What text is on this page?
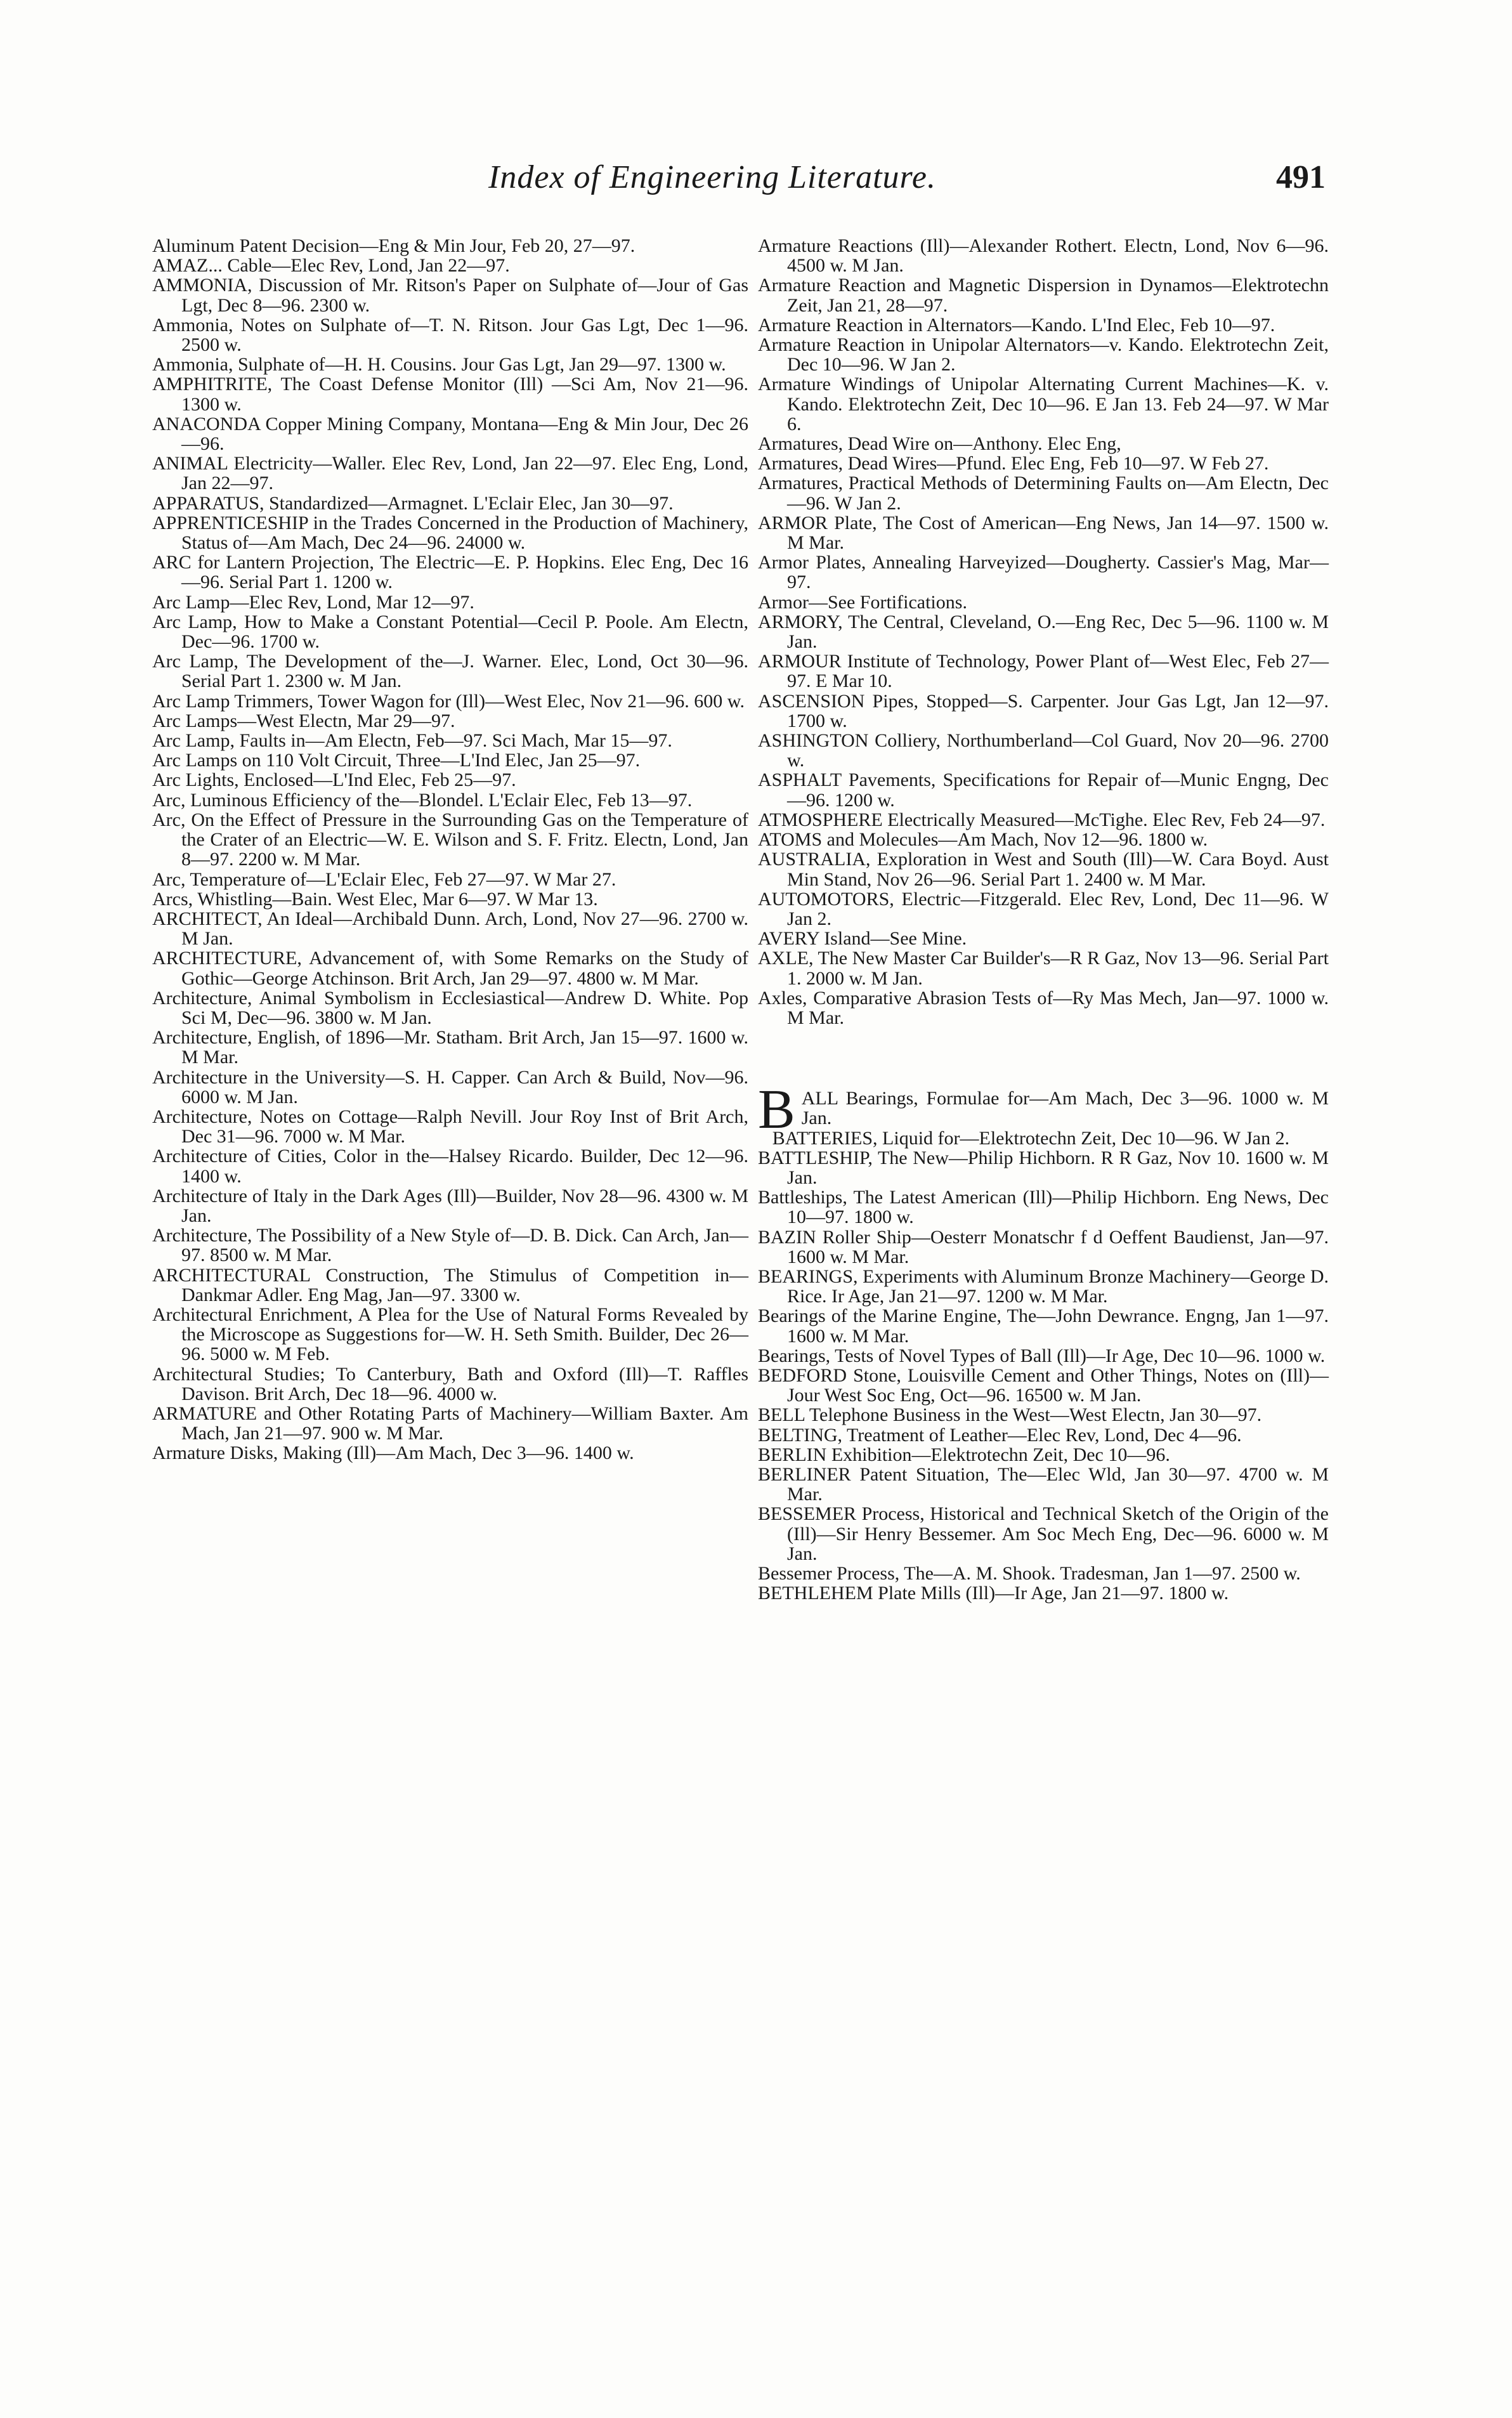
Index of Engineering Literature.	491

Aluminum Patent Decision—Eng & Min Jour, Feb 20, 27—97.

AMAZ... Cable—Elec Rev, Lond, Jan 22—97.

AMMONIA, Discussion of Mr. Ritson's Paper on Sulphate of—Jour of Gas Lgt, Dec 8—96. 2300 w.

Ammonia, Notes on Sulphate of—T. N. Ritson. Jour Gas Lgt, Dec 1—96. 2500 w.

Ammonia, Sulphate of—H. H. Cousins. Jour Gas Lgt, Jan 29—97. 1300 w.

AMPHITRITE, The Coast Defense Monitor (Ill) —Sci Am, Nov 21—96. 1300 w.

ANACONDA Copper Mining Company, Montana—Eng & Min Jour, Dec 26—96.

ANIMAL Electricity—Waller. Elec Rev, Lond, Jan 22—97. Elec Eng, Lond, Jan 22—97.

APPARATUS, Standardized—Armagnet. L'Eclair Elec, Jan 30—97.

APPRENTICESHIP in the Trades Concerned in the Production of Machinery, Status of—Am Mach, Dec 24—96. 24000 w.

ARC for Lantern Projection, The Electric—E. P. Hopkins. Elec Eng, Dec 16—96. Serial Part 1. 1200 w.

Arc Lamp—Elec Rev, Lond, Mar 12—97.

Arc Lamp, How to Make a Constant Potential—Cecil P. Poole. Am Electn, Dec—96. 1700 w.

Arc Lamp, The Development of the—J. Warner. Elec, Lond, Oct 30—96. Serial Part 1. 2300 w. M Jan.

Arc Lamp Trimmers, Tower Wagon for (Ill)—West Elec, Nov 21—96. 600 w.

Arc Lamps—West Electn, Mar 29—97.

Arc Lamp, Faults in—Am Electn, Feb—97. Sci Mach, Mar 15—97.

Arc Lamps on 110 Volt Circuit, Three—L'Ind Elec, Jan 25—97.

Arc Lights, Enclosed—L'Ind Elec, Feb 25—97.

Arc, Luminous Efficiency of the—Blondel. L'Eclair Elec, Feb 13—97.

Arc, On the Effect of Pressure in the Surrounding Gas on the Temperature of the Crater of an Electric—W. E. Wilson and S. F. Fritz. Electn, Lond, Jan 8—97. 2200 w. M Mar.

Arc, Temperature of—L'Eclair Elec, Feb 27—97. W Mar 27.

Arcs, Whistling—Bain. West Elec, Mar 6—97. W Mar 13.

ARCHITECT, An Ideal—Archibald Dunn. Arch, Lond, Nov 27—96. 2700 w. M Jan.

ARCHITECTURE, Advancement of, with Some Remarks on the Study of Gothic—George Atchinson. Brit Arch, Jan 29—97. 4800 w. M Mar.

Architecture, Animal Symbolism in Ecclesiastical—Andrew D. White. Pop Sci M, Dec—96. 3800 w. M Jan.

Architecture, English, of 1896—Mr. Statham. Brit Arch, Jan 15—97. 1600 w. M Mar.

Architecture in the University—S. H. Capper. Can Arch & Build, Nov—96. 6000 w. M Jan.

Architecture, Notes on Cottage—Ralph Nevill. Jour Roy Inst of Brit Arch, Dec 31—96. 7000 w. M Mar.

Architecture of Cities, Color in the—Halsey Ricardo. Builder, Dec 12—96. 1400 w.

Architecture of Italy in the Dark Ages (Ill)—Builder, Nov 28—96. 4300 w. M Jan.

Architecture, The Possibility of a New Style of—D. B. Dick. Can Arch, Jan—97. 8500 w. M Mar.

ARCHITECTURAL Construction, The Stimulus of Competition in—Dankmar Adler. Eng Mag, Jan—97. 3300 w.

Architectural Enrichment, A Plea for the Use of Natural Forms Revealed by the Microscope as Suggestions for—W. H. Seth Smith. Builder, Dec 26—96. 5000 w. M Feb.

Architectural Studies; To Canterbury, Bath and Oxford (Ill)—T. Raffles Davison. Brit Arch, Dec 18—96. 4000 w.

ARMATURE and Other Rotating Parts of Machinery—William Baxter. Am Mach, Jan 21—97. 900 w. M Mar.

Armature Disks, Making (Ill)—Am Mach, Dec 3—96. 1400 w.

Armature Reactions (Ill)—Alexander Rothert. Electn, Lond, Nov 6—96. 4500 w. M Jan.

Armature Reaction and Magnetic Dispersion in Dynamos—Elektrotechn Zeit, Jan 21, 28—97.

Armature Reaction in Alternators—Kando. L'Ind Elec, Feb 10—97.

Armature Reaction in Unipolar Alternators—v. Kando. Elektrotechn Zeit, Dec 10—96. W Jan 2.

Armature Windings of Unipolar Alternating Current Machines—K. v. Kando. Elektrotechn Zeit, Dec 10—96. E Jan 13. Feb 24—97. W Mar 6.

Armatures, Dead Wire on—Anthony. Elec Eng,

Armatures, Dead Wires—Pfund. Elec Eng, Feb 10—97. W Feb 27.

Armatures, Practical Methods of Determining Faults on—Am Electn, Dec—96. W Jan 2.

ARMOR Plate, The Cost of American—Eng News, Jan 14—97. 1500 w. M Mar.

Armor Plates, Annealing Harveyized—Dougherty. Cassier's Mag, Mar—97.

Armor—See Fortifications.

ARMORY, The Central, Cleveland, O.—Eng Rec, Dec 5—96. 1100 w. M Jan.

ARMOUR Institute of Technology, Power Plant of—West Elec, Feb 27—97. E Mar 10.

ASCENSION Pipes, Stopped—S. Carpenter. Jour Gas Lgt, Jan 12—97. 1700 w.

ASHINGTON Colliery, Northumberland—Col Guard, Nov 20—96. 2700 w.

ASPHALT Pavements, Specifications for Repair of—Munic Engng, Dec—96. 1200 w.

ATMOSPHERE Electrically Measured—McTighe. Elec Rev, Feb 24—97.

ATOMS and Molecules—Am Mach, Nov 12—96. 1800 w.

AUSTRALIA, Exploration in West and South (Ill)—W. Cara Boyd. Aust Min Stand, Nov 26—96. Serial Part 1. 2400 w. M Mar.

AUTOMOTORS, Electric—Fitzgerald. Elec Rev, Lond, Dec 11—96. W Jan 2.

AVERY Island—See Mine.

AXLE, The New Master Car Builder's—R R Gaz, Nov 13—96. Serial Part 1. 2000 w. M Jan.

Axles, Comparative Abrasion Tests of—Ry Mas Mech, Jan—97. 1000 w. M Mar.

BALL Bearings, Formulae for—Am Mach, Dec 3—96. 1000 w. M Jan.

BATTERIES, Liquid for—Elektrotechn Zeit, Dec 10—96. W Jan 2.

BATTLESHIP, The New—Philip Hichborn. R R Gaz, Nov 10. 1600 w. M Jan.

Battleships, The Latest American (Ill)—Philip Hichborn. Eng News, Dec 10—97. 1800 w.

BAZIN Roller Ship—Oesterr Monatschr f d Oeffent Baudienst, Jan—97. 1600 w. M Mar.

BEARINGS, Experiments with Aluminum Bronze Machinery—George D. Rice. Ir Age, Jan 21—97. 1200 w. M Mar.

Bearings of the Marine Engine, The—John Dewrance. Engng, Jan 1—97. 1600 w. M Mar.

Bearings, Tests of Novel Types of Ball (Ill)—Ir Age, Dec 10—96. 1000 w.

BEDFORD Stone, Louisville Cement and Other Things, Notes on (Ill)—Jour West Soc Eng, Oct—96. 16500 w. M Jan.

BELL Telephone Business in the West—West Electn, Jan 30—97.

BELTING, Treatment of Leather—Elec Rev, Lond, Dec 4—96.

BERLIN Exhibition—Elektrotechn Zeit, Dec 10—96.

BERLINER Patent Situation, The—Elec Wld, Jan 30—97. 4700 w. M Mar.

BESSEMER Process, Historical and Technical Sketch of the Origin of the (Ill)—Sir Henry Bessemer. Am Soc Mech Eng, Dec—96. 6000 w. M Jan.

Bessemer Process, The—A. M. Shook. Tradesman, Jan 1—97. 2500 w.

BETHLEHEM Plate Mills (Ill)—Ir Age, Jan 21—97. 1800 w.
